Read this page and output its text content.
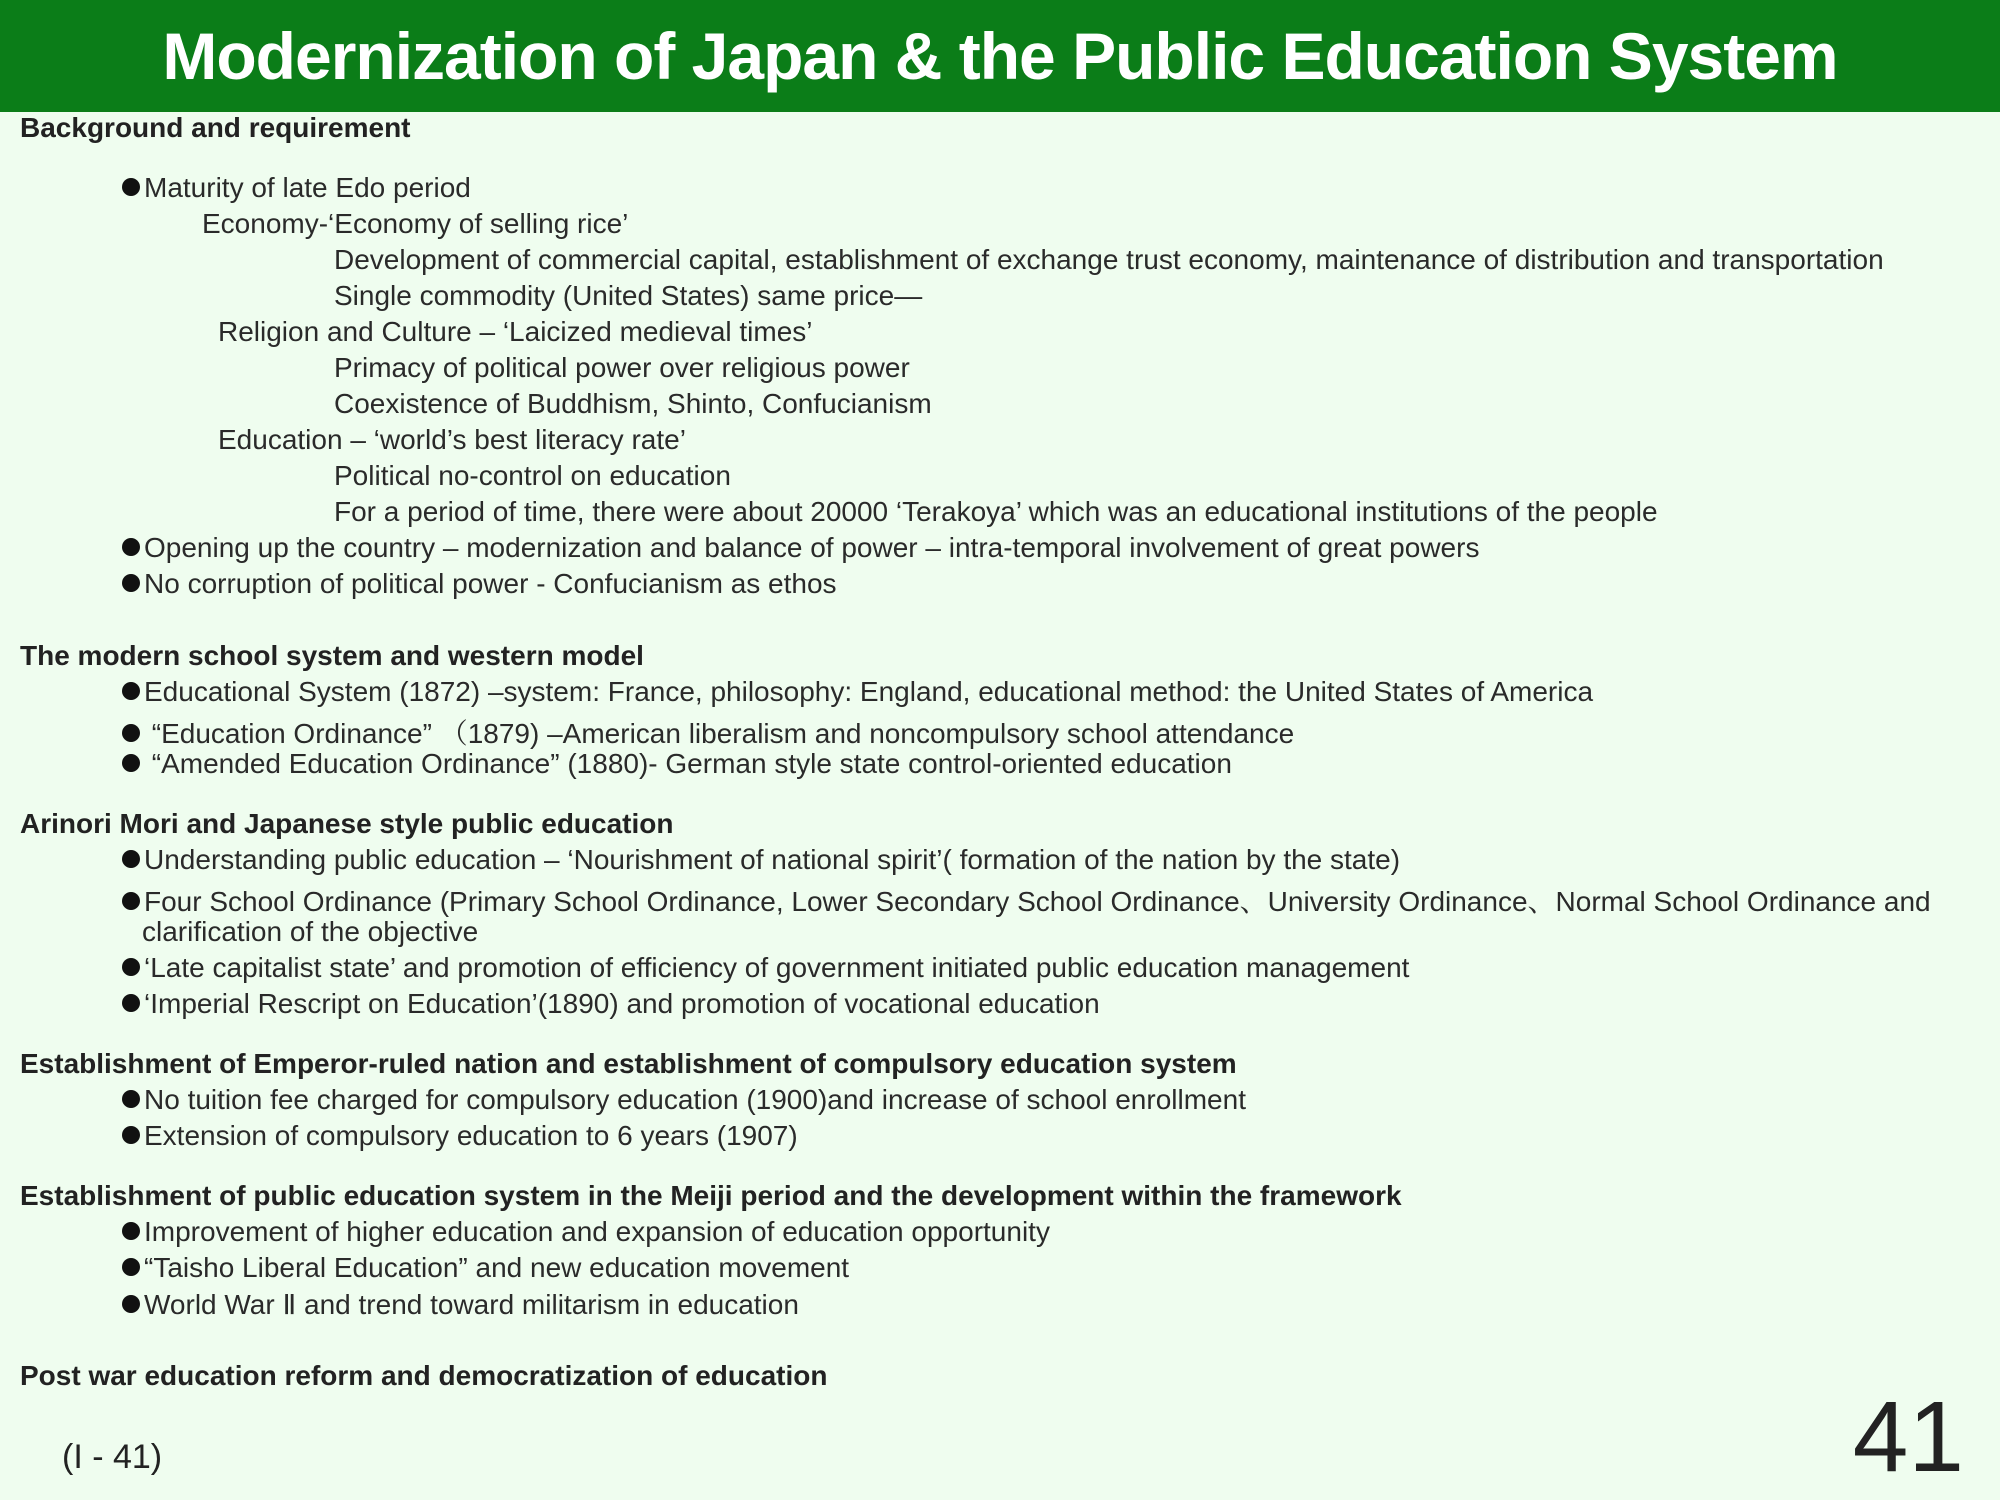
Modernization of Japan & the Public Education System
Background and requirement
Maturity of late Edo period
Economy-‘Economy of selling rice’
Development of commercial capital, establishment of exchange trust economy, maintenance of distribution and transportation
Single commodity (United States) same price—
Religion and Culture – ‘Laicized medieval times’
Primacy of political power over religious power
Coexistence of Buddhism, Shinto, Confucianism
Education – ‘world’s best literacy rate’
Political no-control on education
For a period of time, there were about 20000 ‘Terakoya’ which was an educational institutions of the people
Opening up the country – modernization and balance of power – intra-temporal involvement of great powers
No corruption of political power - Confucianism as ethos
The modern school system and western model
Educational System (1872) –system: France, philosophy: England, educational method: the United States of America
“Education Ordinance” （1879) –American liberalism and noncompulsory school attendance
“Amended Education Ordinance” (1880)- German style state control-oriented education
Arinori Mori and Japanese style public education
Understanding public education – ‘Nourishment of national spirit’( formation of the nation by the state)
Four School Ordinance (Primary School Ordinance, Lower Secondary School Ordinance、University Ordinance、Normal School Ordinance and
clarification of the objective
‘Late capitalist state’ and promotion of efficiency of government initiated public education management
‘Imperial Rescript on Education’(1890) and promotion of vocational education
Establishment of Emperor-ruled nation and establishment of compulsory education system
No tuition fee charged for compulsory education (1900)and increase of school enrollment
Extension of compulsory education to 6 years (1907)
Establishment of public education system in the Meiji period and the development within the framework
Improvement of higher education and expansion of education opportunity
“Taisho Liberal Education” and new education movement
World War Ⅱ and trend toward militarism in education
Post war education reform and democratization of education
(I - 41)	41
